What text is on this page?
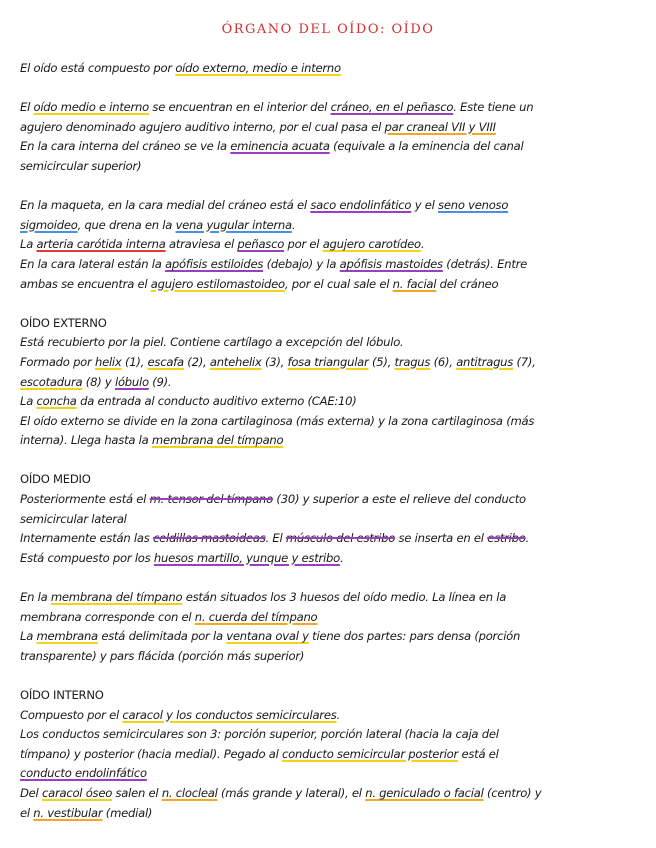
ÓRGANO DEL OÍDO: OÍDO
El oído está compuesto por oído externo, medio e interno
El oído medio e interno se encuentran en el interior del cráneo, en el peñasco. Este tiene un
agujero denominado agujero auditivo interno, por el cual pasa el par craneal VII y VIII
En la cara interna del cráneo se ve la eminencia acuata (equivale a la eminencia del canal
semicircular superior)
En la maqueta, en la cara medial del cráneo está el saco endolinfático y el seno venoso
sigmoideo, que drena en la vena yugular interna.
La arteria carótida interna atraviesa el peñasco por el agujero carotídeo.
En la cara lateral están la apófisis estiloides (debajo) y la apófisis mastoides (detrás). Entre
ambas se encuentra el agujero estilomastoideo, por el cual sale el n. facial del cráneo
OÍDO EXTERNO
Está recubierto por la piel. Contiene cartílago a excepción del lóbulo.
Formado por helix (1), escafa (2), antehelix (3), fosa triangular (5), tragus (6), antitragus (7),
escotadura (8) y lóbulo (9).
La concha da entrada al conducto auditivo externo (CAE:10)
El oído externo se divide en la zona cartilaginosa (más externa) y la zona cartilaginosa (más
interna). Llega hasta la membrana del tímpano
OÍDO MEDIO
Posteriormente está el m. tensor del tímpano (30) y superior a este el relieve del conducto
semicircular lateral
Internamente están las celdillas mastoideas. El músculo del estribo se inserta en el estribo.
Está compuesto por los huesos martillo, yunque y estribo.
En la membrana del tímpano están situados los 3 huesos del oído medio. La línea en la
membrana corresponde con el n. cuerda del tímpano
La membrana está delimitada por la ventana oval y tiene dos partes: pars densa (porción
transparente) y pars flácida (porción más superior)
OÍDO INTERNO
Compuesto por el caracol y los conductos semicirculares.
Los conductos semicirculares son 3: porción superior, porción lateral (hacia la caja del
tímpano) y posterior (hacia medial). Pegado al conducto semicircular posterior está el
conducto endolinfático
Del caracol óseo salen el n. clocleal (más grande y lateral), el n. geniculado o facial (centro) y
el n. vestibular (medial)
